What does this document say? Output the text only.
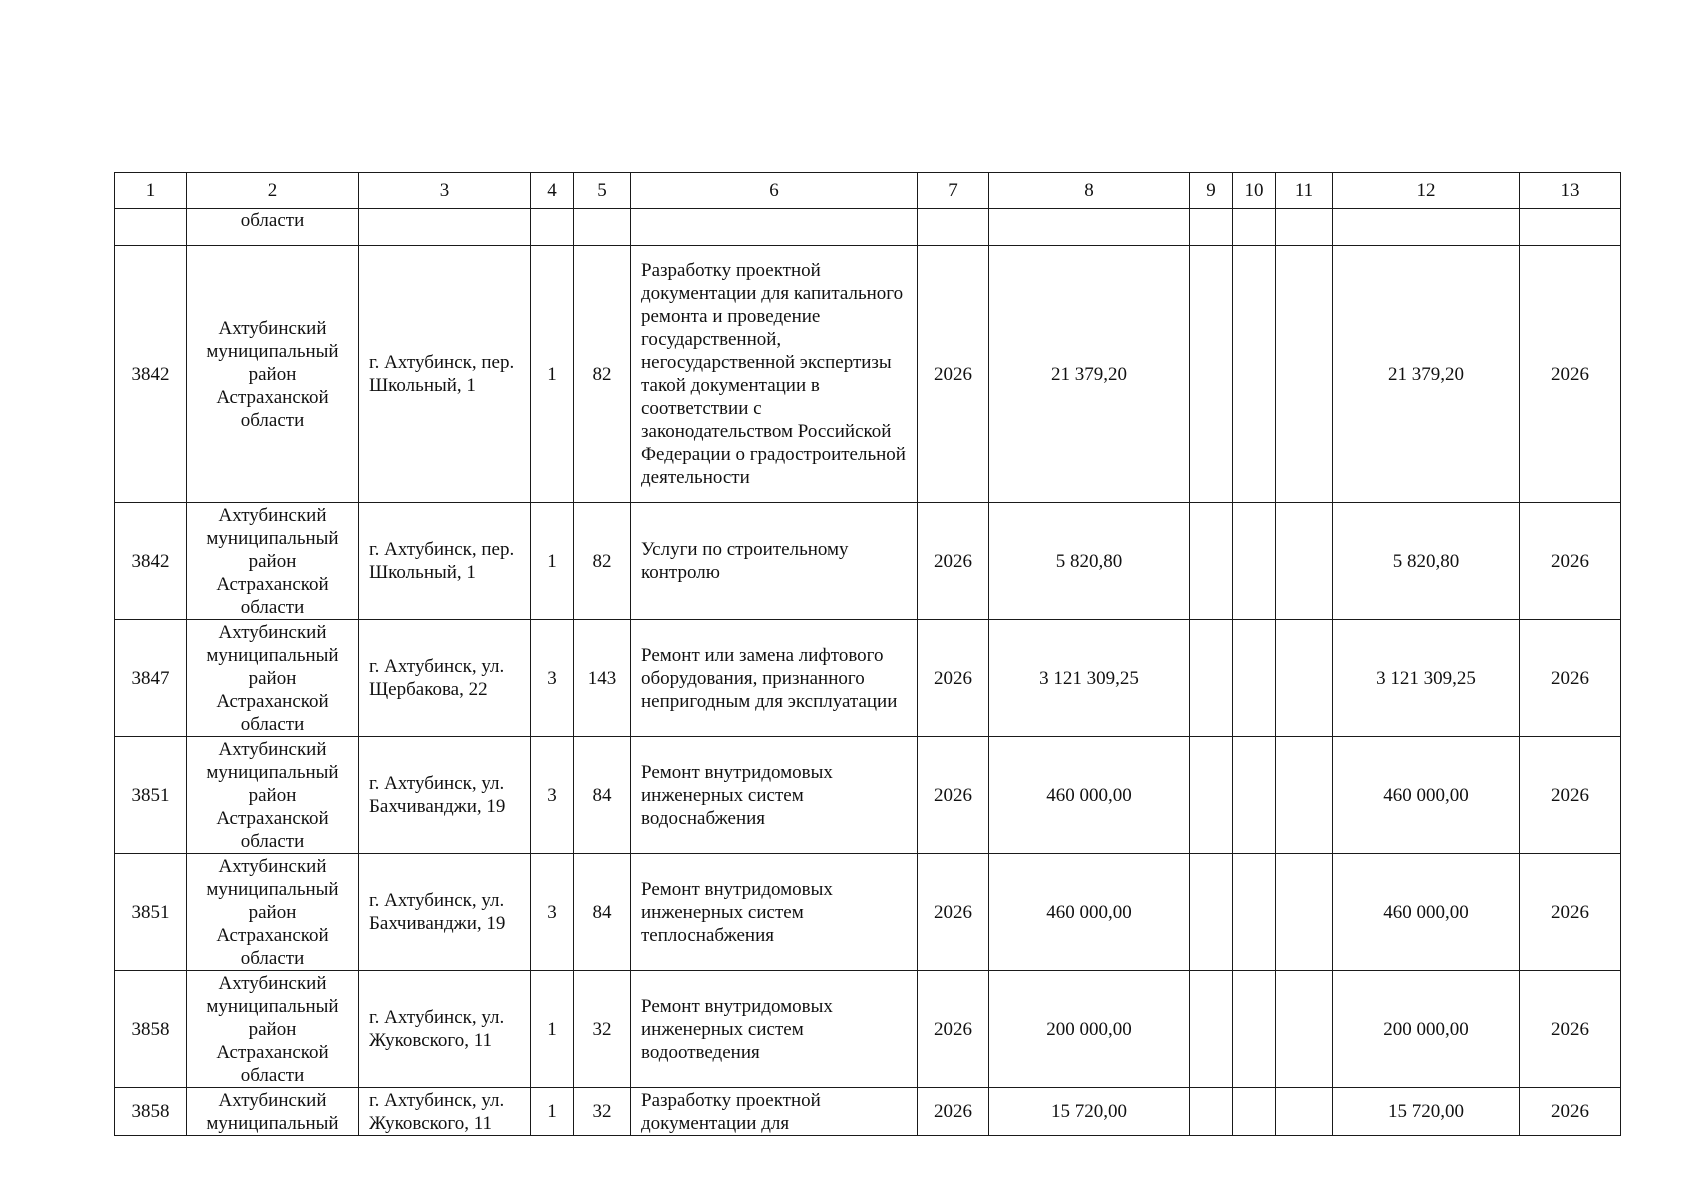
1	2	3	4	5	6	7	8	9	10	11	12	13
	области											
3842	Ахтубинский муниципальный район Астраханской области	г. Ахтубинск, пер. Школьный, 1	1	82	Разработку проектной документации для капитального ремонта и проведение государственной, негосударственной экспертизы такой документации в соответствии с законодательством Российской Федерации о градостроительной деятельности	2026	21 379,20				21 379,20	2026
3842	Ахтубинский муниципальный район Астраханской области	г. Ахтубинск, пер. Школьный, 1	1	82	Услуги по строительному контролю	2026	5 820,80				5 820,80	2026
3847	Ахтубинский муниципальный район Астраханской области	г. Ахтубинск, ул. Щербакова, 22	3	143	Ремонт или замена лифтового оборудования, признанного непригодным для эксплуатации	2026	3 121 309,25				3 121 309,25	2026
3851	Ахтубинский муниципальный район Астраханской области	г. Ахтубинск, ул. Бахчиванджи, 19	3	84	Ремонт внутридомовых инженерных систем водоснабжения	2026	460 000,00				460 000,00	2026
3851	Ахтубинский муниципальный район Астраханской области	г. Ахтубинск, ул. Бахчиванджи, 19	3	84	Ремонт внутридомовых инженерных систем теплоснабжения	2026	460 000,00				460 000,00	2026
3858	Ахтубинский муниципальный район Астраханской области	г. Ахтубинск, ул. Жуковского, 11	1	32	Ремонт внутридомовых инженерных систем водоотведения	2026	200 000,00				200 000,00	2026
3858	Ахтубинский муниципальный	г. Ахтубинск, ул. Жуковского, 11	1	32	Разработку проектной документации для	2026	15 720,00				15 720,00	2026
